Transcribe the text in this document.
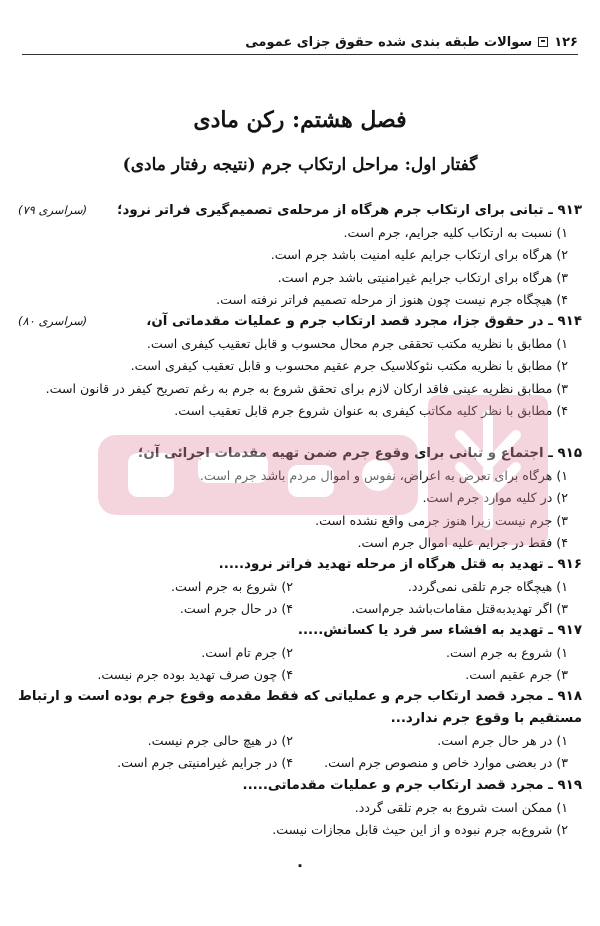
۱۲۶
سوالات طبقه بندی شده حقوق جزای عمومی
فصل هشتم: رکن مادی
گفتار اول: مراحل ارتکاب جرم (نتیجه رفتار مادی)
۹۱۳ ـ تبانی برای ارتکاب جرم هرگاه از مرحله‌ی تصمیم‌گیری فراتر نرود؛
(سراسری ۷۹)
۱) نسبت به ارتکاب کلیه جرایم، جرم است.
۲) هرگاه برای ارتکاب جرایم علیه امنیت باشد جرم است.
۳) هرگاه برای ارتکاب جرایم غیرامنیتی باشد جرم است.
۴) هیچگاه جرم نیست چون هنوز از مرحله تصمیم فراتر نرفته است.
۹۱۴ ـ در حقوق جزا، مجرد قصد ارتکاب جرم و عملیات مقدماتی آن،
(سراسری ۸۰)
۱) مطابق با نظریه مکتب تحققی جرم محال محسوب و قابل تعقیب کیفری است.
۲) مطابق با نظریه مکتب نئوکلاسیک جرم عقیم محسوب و قابل تعقیب کیفری است.
۳) مطابق نظریه عینی فاقد ارکان لازم برای تحقق شروع به جرم به رغم تصریح کیفر در قانون است.
۴) مطابق با نظر کلیه مکاتب کیفری به عنوان شروع جرم قابل تعقیب است.
۹۱۵ ـ اجتماع و تبانی برای وقوع جرم ضمن تهیه مقدمات اجرائی آن؛
۱) هرگاه برای تعرض به اعراض، نفوس و اموال مردم باشد جرم است.
۲) در کلیه موارد جرم است.
۳) جرم نیست زیرا هنوز جرمی واقع نشده است.
۴) فقط در جرایم علیه اموال جرم است.
۹۱۶ ـ تهدید به قتل هرگاه از مرحله تهدید فراتر نرود.....
۱) هیچگاه جرم تلقی نمی‌گردد.
۲) شروع به جرم است.
۳) اگر تهدیدبه‌قتل مقامات‌باشد جرم‌است.
۴) در حال جرم است.
۹۱۷ ـ تهدید به افشاء سر فرد یا کسانش.....
۱) شروع به جرم است.
۲) جرم تام است.
۳) جرم عقیم است.
۴) چون صرف تهدید بوده جرم نیست.
۹۱۸ ـ مجرد قصد ارتکاب جرم و عملیاتی که فقط مقدمه وقوع جرم بوده است و ارتباط مستقیم با وقوع جرم ندارد...
۱) در هر حال جرم است.
۲) در هیچ حالی جرم نیست.
۳) در بعضی موارد خاص و منصوص جرم است.
۴) در جرایم غیرامنیتی جرم است.
۹۱۹ ـ مجرد قصد ارتکاب جرم و عملیات مقدماتی.....
۱) ممکن است شروع به جرم تلقی گردد.
۲) شروع‌به جرم نبوده و از این حیث قابل مجازات نیست.
۰
